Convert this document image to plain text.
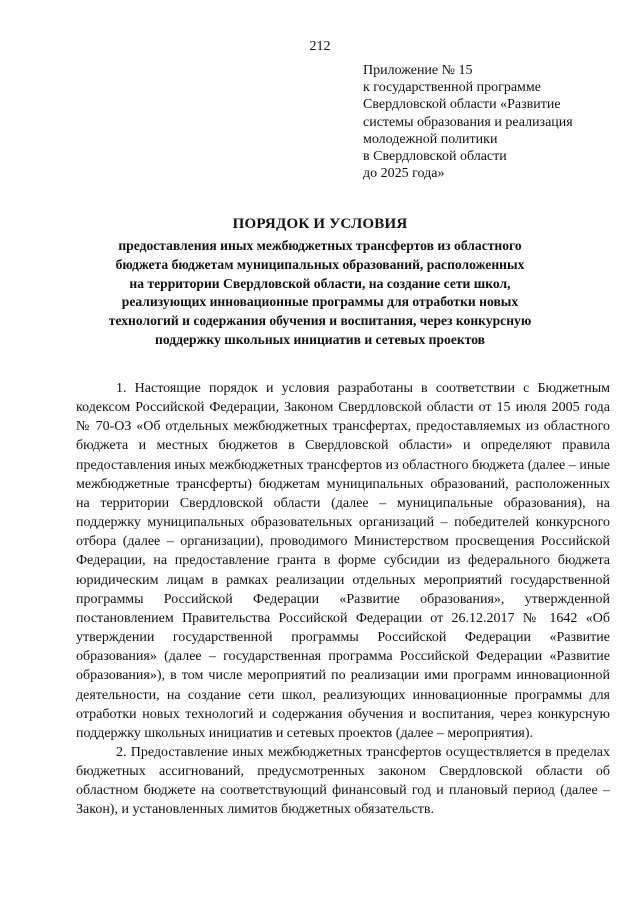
212
Приложение № 15
к государственной программе
Свердловской области «Развитие
системы образования и реализация
молодежной политики
в Свердловской области
до 2025 года»
ПОРЯДОК И УСЛОВИЯ
предоставления иных межбюджетных трансфертов из областного
бюджета бюджетам муниципальных образований, расположенных
на территории Свердловской области, на создание сети школ,
реализующих инновационные программы для отработки новых
технологий и содержания обучения и воспитания, через конкурсную
поддержку школьных инициатив и сетевых проектов

1. Настоящие порядок и условия разработаны в соответствии с Бюджетным кодексом Российской Федерации, Законом Свердловской области от 15 июля 2005 года № 70-ОЗ «Об отдельных межбюджетных трансфертах, предоставляемых из областного бюджета и местных бюджетов в Свердловской области» и определяют правила предоставления иных межбюджетных трансфертов из областного бюджета (далее – иные межбюджетные трансферты) бюджетам муниципальных образований, расположенных на территории Свердловской области (далее – муниципальные образования), на поддержку муниципальных образовательных организаций – победителей конкурсного отбора (далее – организации), проводимого Министерством просвещения Российской Федерации, на предоставление гранта в форме субсидии из федерального бюджета юридическим лицам в рамках реализации отдельных мероприятий государственной программы Российской Федерации «Развитие образования», утвержденной постановлением Правительства Российской Федерации от 26.12.2017 № 1642 «Об утверждении государственной программы Российской Федерации «Развитие образования» (далее – государственная программа Российской Федерации «Развитие образования»), в том числе мероприятий по реализации ими программ инновационной деятельности, на создание сети школ, реализующих инновационные программы для отработки новых технологий и содержания обучения и воспитания, через конкурсную поддержку школьных инициатив и сетевых проектов (далее – мероприятия).

2. Предоставление иных межбюджетных трансфертов осуществляется в пределах бюджетных ассигнований, предусмотренных законом Свердловской области об областном бюджете на соответствующий финансовый год и плановый период (далее – Закон), и установленных лимитов бюджетных обязательств.
